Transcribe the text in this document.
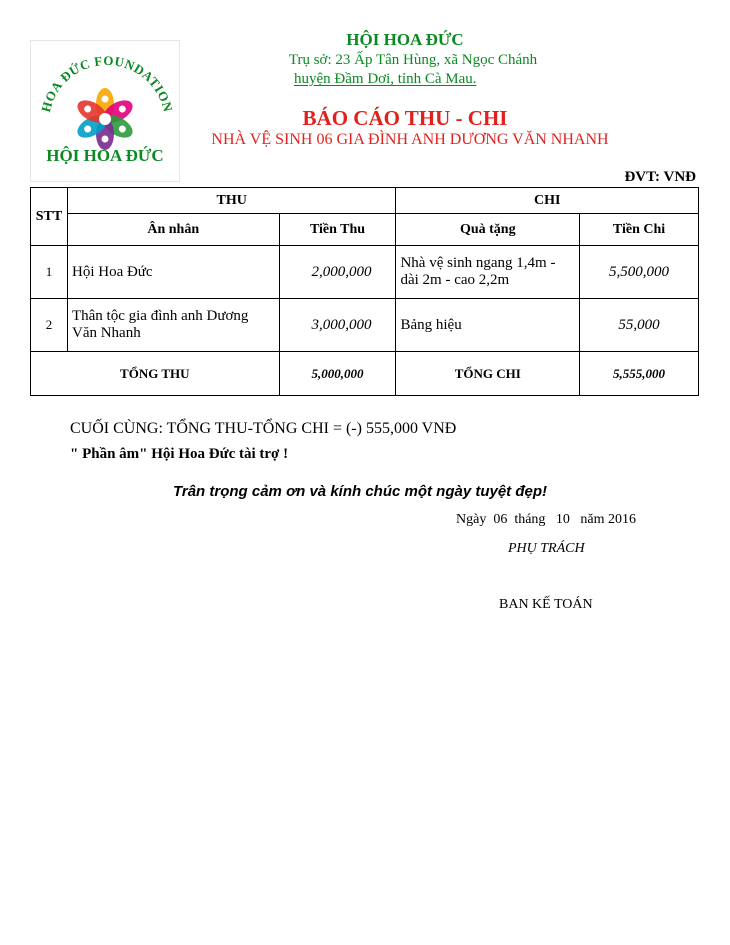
HOA ĐỨC FOUNDATION
HỘI HOA ĐỨC
HỘI HOA ĐỨC
Trụ sở: 23 Ấp Tân Hùng, xã Ngọc Chánh
huyện Đầm Dơi, tỉnh Cà Mau.
BÁO CÁO THU - CHI
NHÀ VỆ SINH 06 GIA ĐÌNH ANH DƯƠNG VĂN NHANH
ĐVT: VNĐ
STT	THU		CHI	
	Ân nhân	Tiền Thu	Quà tặng	Tiền Chi
1	Hội Hoa Đức	2,000,000	Nhà vệ sinh ngang 1,4m - dài 2m - cao 2,2m	5,500,000
2	Thân tộc gia đình anh Dương Văn Nhanh	3,000,000	Bảng hiệu	55,000
TỔNG THU		5,000,000	TỔNG CHI	5,555,000
CUỐI CÙNG: TỔNG THU-TỔNG CHI = (-) 555,000 VNĐ
" Phần âm" Hội Hoa Đức tài trợ !
Trân trọng cảm ơn và kính chúc một ngày tuyệt đẹp!
Ngày  06  tháng   10   năm 2016
PHỤ TRÁCH
BAN KẾ TOÁN
